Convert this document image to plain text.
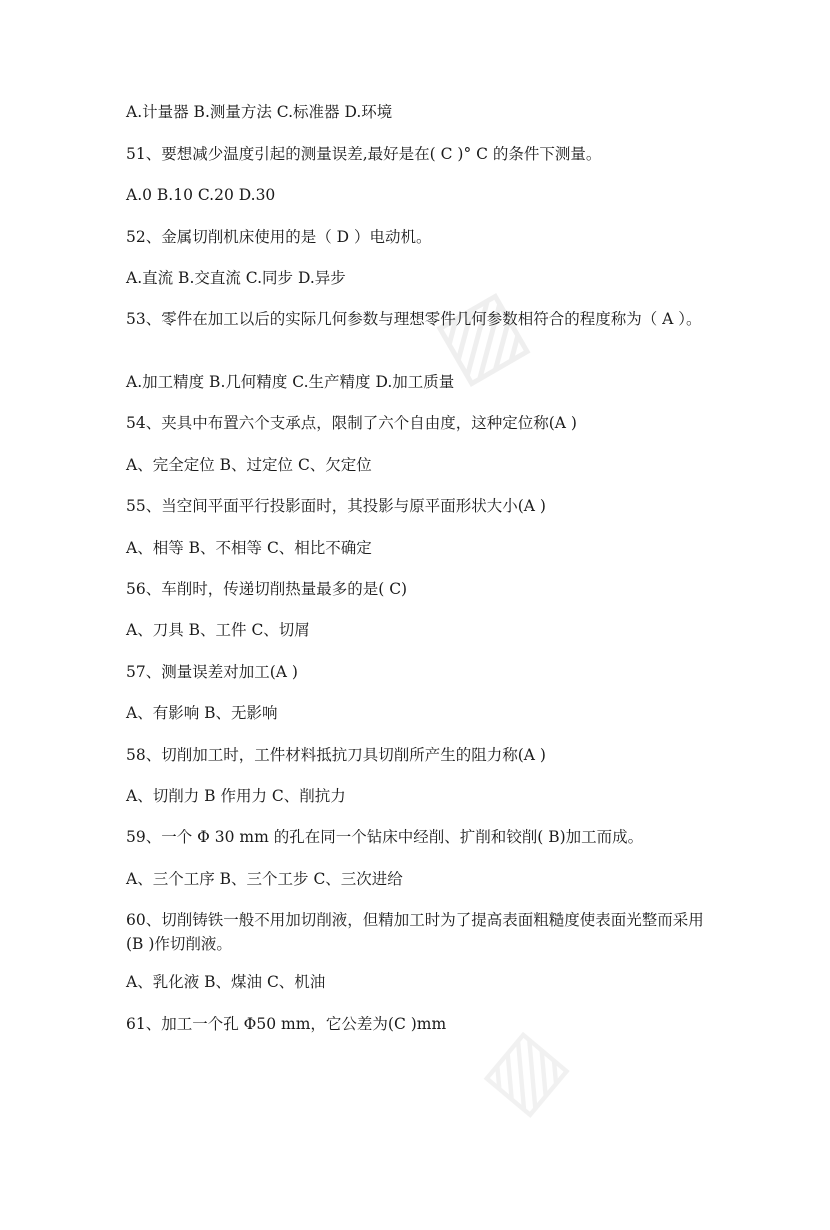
▧
▧
A.计量器 B.测量方法 C.标准器 D.环境
51、要想减少温度引起的测量误差,最好是在( C )° C 的条件下测量。
A.0 B.10 C.20 D.30
52、金属切削机床使用的是（ D ）电动机。
A.直流 B.交直流 C.同步 D.异步
53、零件在加工以后的实际几何参数与理想零件几何参数相符合的程度称为（ A ）。
A.加工精度 B.几何精度 C.生产精度 D.加工质量
54、夹具中布置六个支承点，限制了六个自由度，这种定位称(A )
A、完全定位 B、过定位 C、欠定位
55、当空间平面平行投影面时，其投影与原平面形状大小(A )
A、相等 B、不相等 C、相比不确定
56、车削时，传递切削热量最多的是( C)
A、刀具 B、工件 C、切屑
57、测量误差对加工(A )
A、有影响 B、无影响
58、切削加工时，工件材料抵抗刀具切削所产生的阻力称(A )
A、切削力 B 作用力 C、削抗力
59、一个 Φ 30 mm 的孔在同一个钻床中经削、扩削和铰削( B)加工而成。
A、三个工序 B、三个工步 C、三次进给
60、切削铸铁一般不用加切削液，但精加工时为了提高表面粗糙度使表面光整而采用(B )作切削液。
A、乳化液 B、煤油 C、机油
61、加工一个孔 Φ50 mm，它公差为(C )mm
